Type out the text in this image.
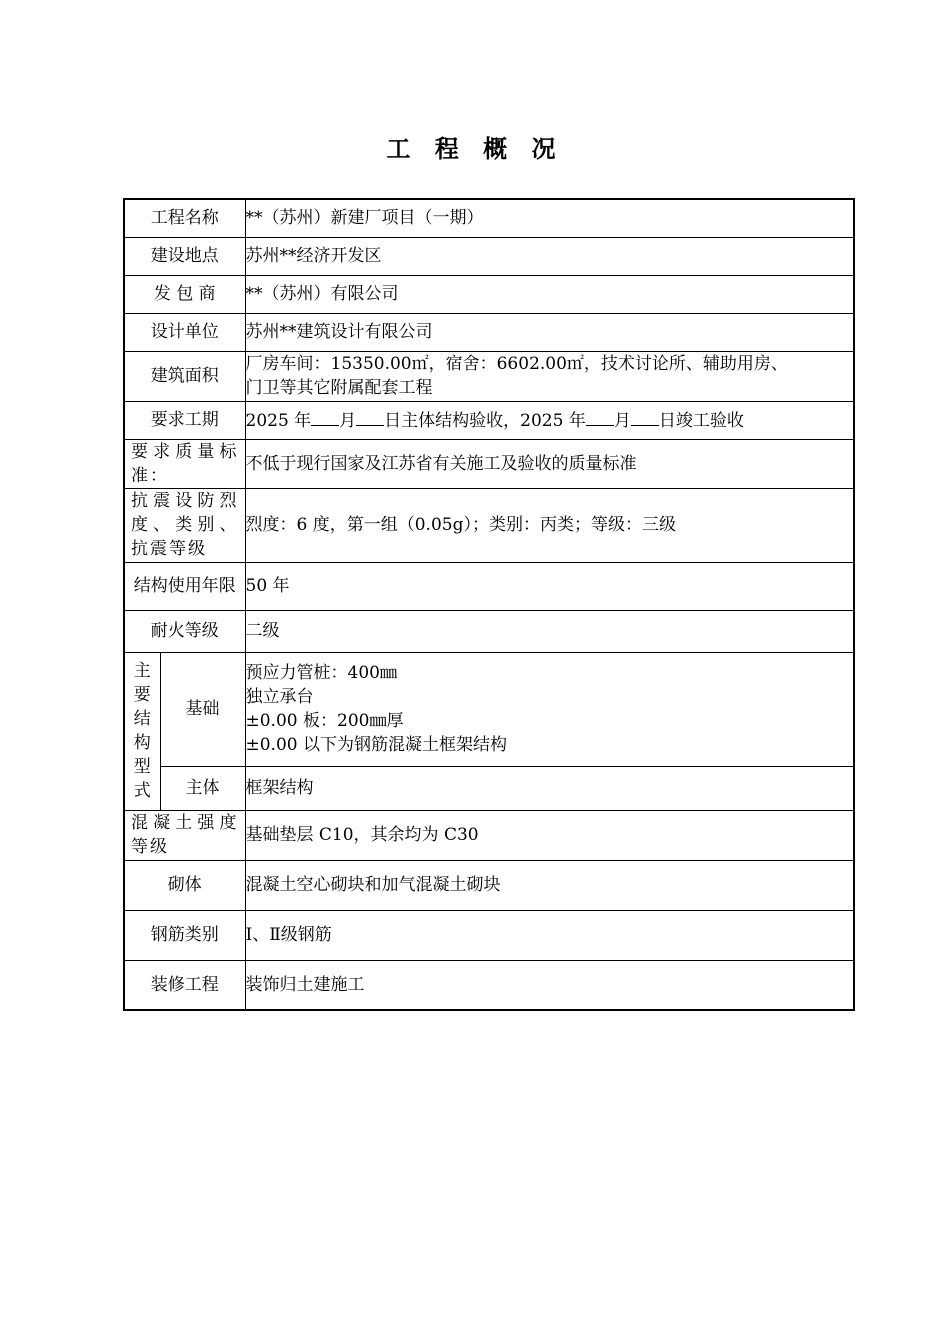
工 程 概 况
工程名称		**（苏州）新建厂项目（一期）
建设地点		苏州**经济开发区
发 包 商		**（苏州）有限公司
设计单位		苏州**建筑设计有限公司
建筑面积		厂房车间：15350.00㎡，宿舍：6602.00㎡，技术讨论所、辅助用房、
门卫等其它附属配套工程

要求工期		2025 年 月 日主体结构验收，2025 年 月 日竣工验收
要求质量标准：		不低于现行国家及江苏省有关施工及验收的质量标准
抗震设防烈度、类别、抗震等级		烈度：6 度，第一组（0.05g）；类别：丙类；等级：三级
结构使用年限		50 年
耐火等级		二级
主要结构型式	基础	预应力管桩：400㎜
独立承台
±0.00 板：200㎜厚
±0.00 以下为钢筋混凝土框架结构

	主体	框架结构
混凝土强度等级		基础垫层 C10，其余均为 C30
砌体		混凝土空心砌块和加气混凝土砌块
钢筋类别		Ⅰ、Ⅱ级钢筋
装修工程		装饰归土建施工
